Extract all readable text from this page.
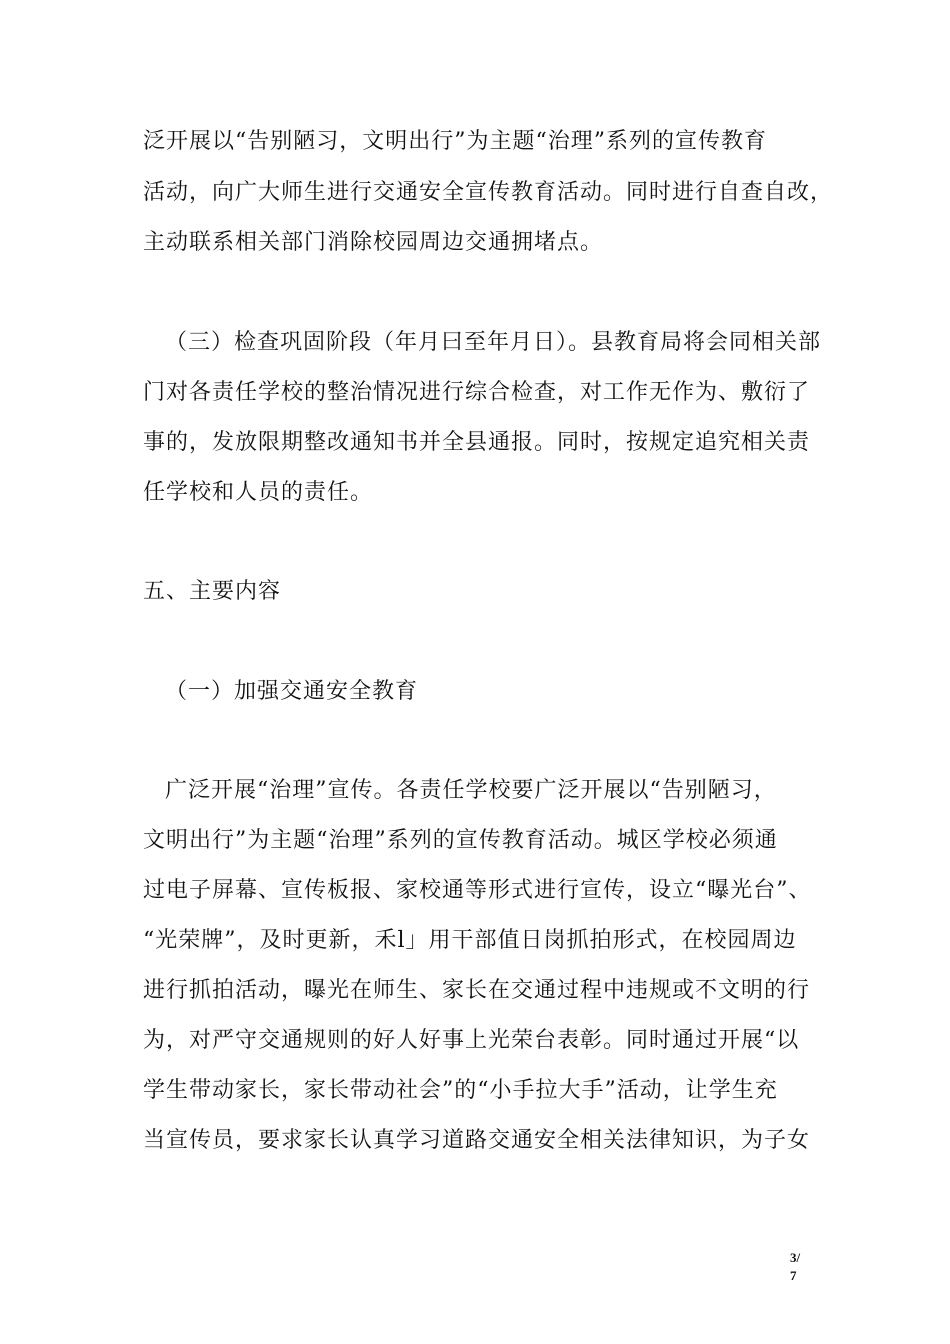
泛开展以“告别陋习，文明出行”为主题“治理”系列的宣传教育
活动，向广大师生进行交通安全宣传教育活动。同时进行自查自改，
主动联系相关部门消除校园周边交通拥堵点。
（三）检查巩固阶段（年月曰至年月日）。县教育局将会同相关部
门对各责任学校的整治情况进行综合检查，对工作无作为、敷衍了
事的，发放限期整改通知书并全县通报。同时，按规定追究相关责
任学校和人员的责任。
五、主要内容
（一）加强交通安全教育
广泛开展“治理”宣传。各责任学校要广泛开展以“告别陋习，
文明出行”为主题“治理”系列的宣传教育活动。城区学校必须通
过电子屏幕、宣传板报、家校通等形式进行宣传，设立“曝光台”、
“光荣牌”，及时更新，禾l」用干部值日岗抓拍形式，在校园周边
进行抓拍活动，曝光在师生、家长在交通过程中违规或不文明的行
为，对严守交通规则的好人好事上光荣台表彰。同时通过开展“以
学生带动家长，家长带动社会”的“小手拉大手”活动，让学生充
当宣传员，要求家长认真学习道路交通安全相关法律知识，为子女
3/
7
